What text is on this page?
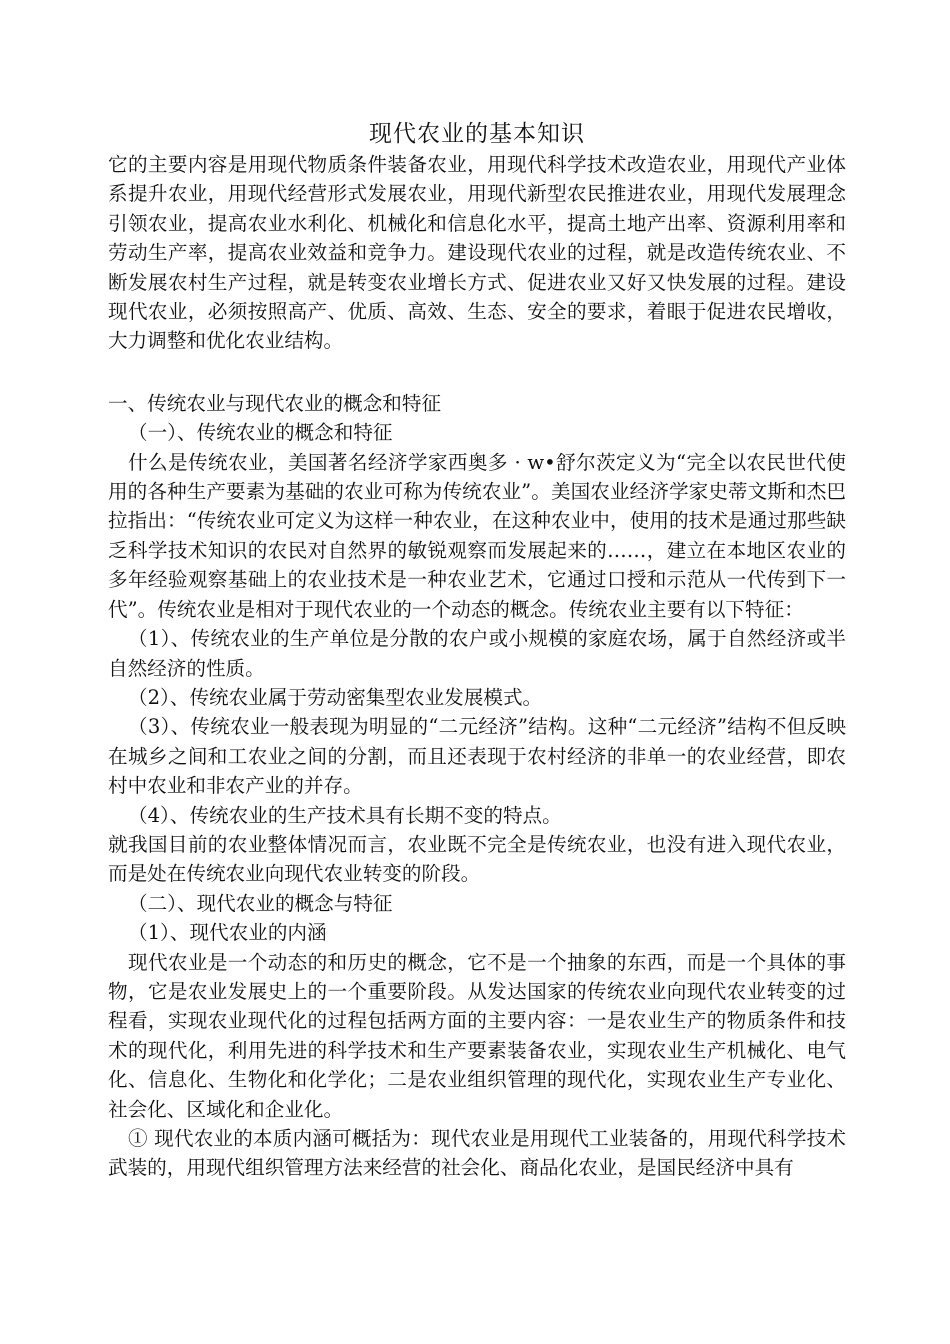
现代农业的基本知识

它的主要内容是用现代物质条件装备农业，用现代科学技术改造农业，用现代产业体系提升农业，用现代经营形式发展农业，用现代新型农民推进农业，用现代发展理念引领农业，提高农业水利化、机械化和信息化水平，提高土地产出率、资源利用率和劳动生产率，提高农业效益和竞争力。建设现代农业的过程，就是改造传统农业、不断发展农村生产过程，就是转变农业增长方式、促进农业又好又快发展的过程。建设现代农业，必须按照高产、优质、高效、生态、安全的要求，着眼于促进农民增收，大力调整和优化农业结构。

一、传统农业与现代农业的概念和特征

（一）、传统农业的概念和特征

什么是传统农业，美国著名经济学家西奥多 · w•舒尔茨定义为“完全以农民世代使用的各种生产要素为基础的农业可称为传统农业”。美国农业经济学家史蒂文斯和杰巴拉指出：“传统农业可定义为这样一种农业，在这种农业中，使用的技术是通过那些缺乏科学技术知识的农民对自然界的敏锐观察而发展起来的……，建立在本地区农业的多年经验观察基础上的农业技术是一种农业艺术，它通过口授和示范从一代传到下一代”。传统农业是相对于现代农业的一个动态的概念。传统农业主要有以下特征：

（1）、传统农业的生产单位是分散的农户或小规模的家庭农场，属于自然经济或半自然经济的性质。

（2）、传统农业属于劳动密集型农业发展模式。

（3）、传统农业一般表现为明显的“二元经济”结构。这种“二元经济”结构不但反映在城乡之间和工农业之间的分割，而且还表现于农村经济的非单一的农业经营，即农村中农业和非农产业的并存。

（4）、传统农业的生产技术具有长期不变的特点。

就我国目前的农业整体情况而言，农业既不完全是传统农业，也没有进入现代农业，而是处在传统农业向现代农业转变的阶段。

（二）、现代农业的概念与特征

（1）、现代农业的内涵

现代农业是一个动态的和历史的概念，它不是一个抽象的东西，而是一个具体的事物，它是农业发展史上的一个重要阶段。从发达国家的传统农业向现代农业转变的过程看，实现农业现代化的过程包括两方面的主要内容：一是农业生产的物质条件和技术的现代化，利用先进的科学技术和生产要素装备农业，实现农业生产机械化、电气化、信息化、生物化和化学化；二是农业组织管理的现代化，实现农业生产专业化、社会化、区域化和企业化。

① 现代农业的本质内涵可概括为：现代农业是用现代工业装备的，用现代科学技术武装的，用现代组织管理方法来经营的社会化、商品化农业，是国民经济中具有
